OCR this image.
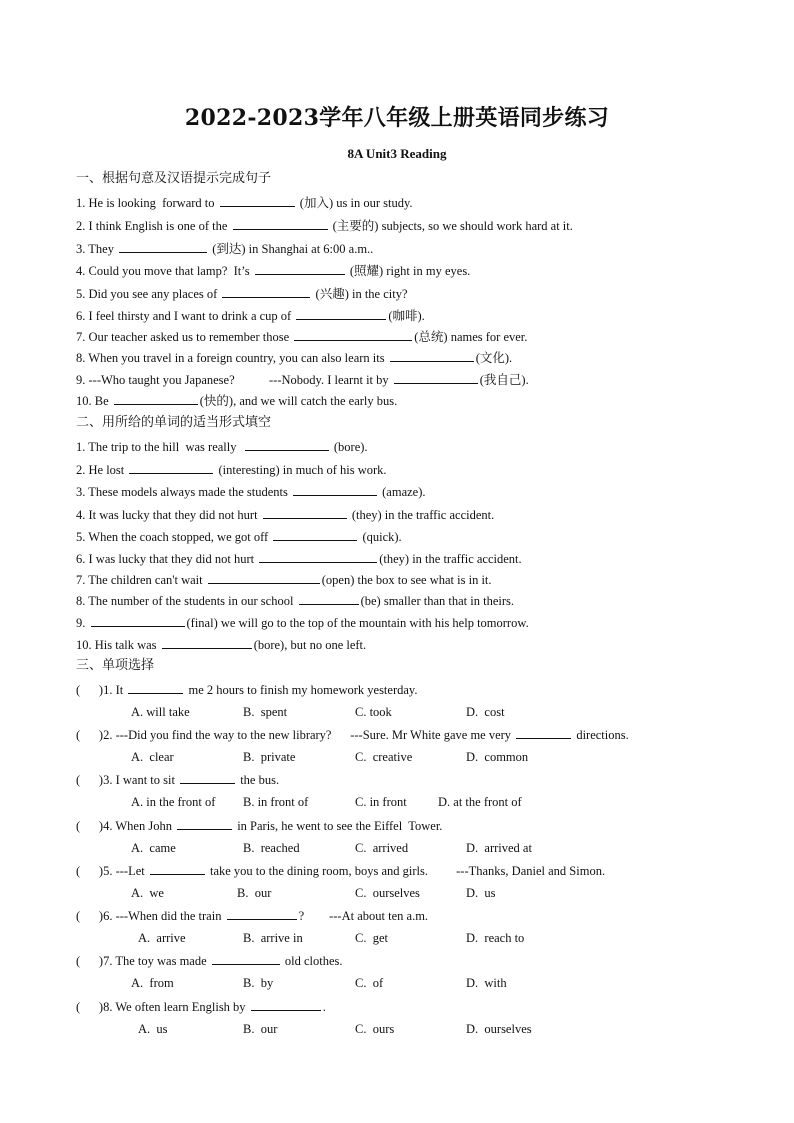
2022-2023学年八年级上册英语同步练习
8A Unit3 Reading
一、根据句意及汉语提示完成句子
1. He is looking  forward to	(加入) us in our study.
2. I think English is one of the	(主要的) subjects, so we should work hard at it.
3. They	(到达) in Shanghai at 6:00 a.m..
4. Could you move that lamp?  It’s	(照耀) right in my eyes.
5. Did you see any places of	(兴趣) in the city?
6. I feel thirsty and I want to drink a cup of	(咖啡).
7. Our teacher asked us to remember those	(总统) names for ever.
8. When you travel in a foreign country, you can also learn its	(文化).
9. ---Who taught you Japanese?           ---Nobody. I learnt it by	(我自己).
10. Be	(快的), and we will catch the early bus.
二、用所给的单词的适当形式填空
1. The trip to the hill  was really	(bore).
2. He lost	(interesting) in much of his work.
3. These models always made the students	(amaze).
4. It was lucky that they did not hurt	(they) in the traffic accident.
5. When the coach stopped, we got off	(quick).
6. I was lucky that they did not hurt	(they) in the traffic accident.
7. The children can't wait	(open) the box to see what is in it.
8. The number of the students in our school	(be) smaller than that in theirs.
9.	(final) we will go to the top of the mountain with his help tomorrow.
10. His talk was	(bore), but no one left.
三、单项选择
(      )1. It	me 2 hours to finish my homework yesterday.
A. will take	B.  spent	C. took	D.  cost
(      )2. ---Did you find the way to the new library?      ---Sure. Mr White gave me very	directions.
A.  clear	B.  private	C.  creative	D.  common
(      )3. I want to sit	the bus.
A. in the front of B. in front of	C. in front	D. at the front of
(      )4. When John	in Paris, he went to see the Eiffel  Tower.
A.  came	B.  reached	C.  arrived	D.  arrived at
(      )5. ---Let	take you to the dining room, boys and girls.         ---Thanks, Daniel and Simon.
A.  we	B.  our	C.  ourselves	D.  us
(      )6. ---When did the train	?        ---At about ten a.m.
A.  arrive	B.  arrive in	C.  get	D.  reach to
(      )7. The toy was made	old clothes.
A.  from	B.  by	C.  of	D.  with
(      )8. We often learn English by	.
A.  us	B.  our	C.  ours	D.  ourselves
